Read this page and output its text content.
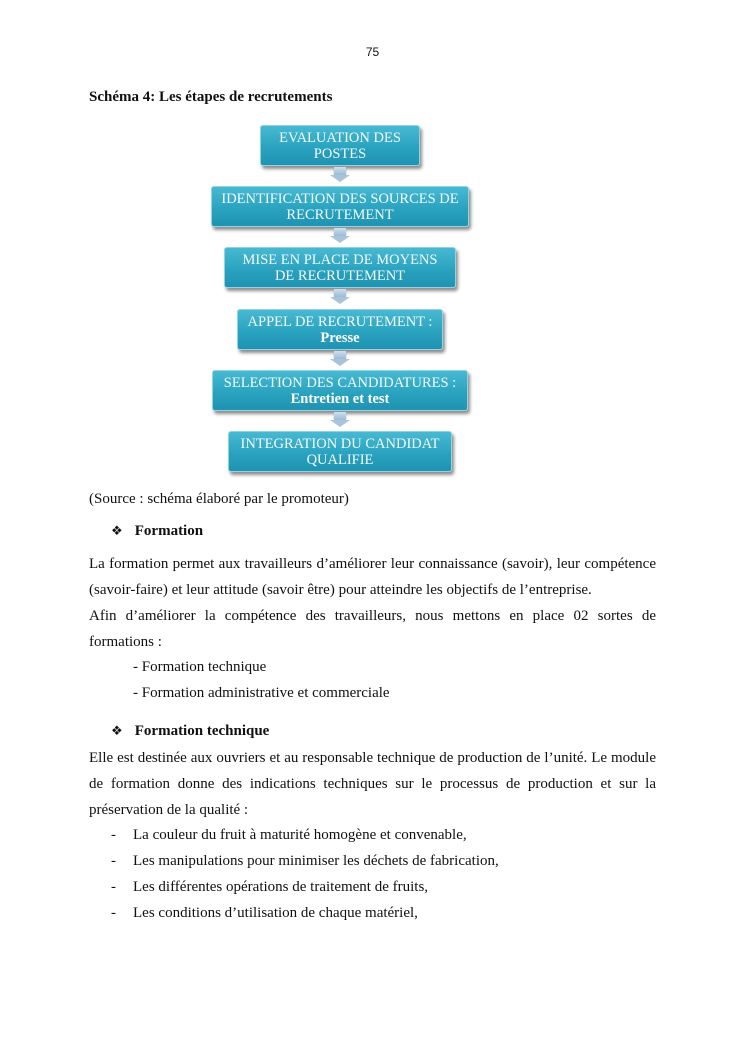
75
Schéma 4: Les étapes de recrutements
EVALUATION DES
POSTES
IDENTIFICATION DES SOURCES DE
RECRUTEMENT
MISE EN PLACE DE MOYENS
DE RECRUTEMENT
APPEL DE RECRUTEMENT :
Presse
SELECTION DES CANDIDATURES :
Entretien et test
INTEGRATION DU CANDIDAT
QUALIFIE
(Source : schéma élaboré par le promoteur)
❖ Formation
La formation permet aux travailleurs d’améliorer leur connaissance (savoir), leur compétence (savoir-faire) et leur attitude (savoir être) pour atteindre les objectifs de l’entreprise.
Afin d’améliorer la compétence des travailleurs, nous mettons en place 02 sortes de formations :
- Formation technique
- Formation administrative et commerciale
❖ Formation technique
Elle est destinée aux ouvriers et au responsable technique de production de l’unité. Le module de formation donne des indications techniques sur le processus de production et sur la préservation de la qualité :
- La couleur du fruit à maturité homogène et convenable,
- Les manipulations pour minimiser les déchets de fabrication,
- Les différentes opérations de traitement de fruits,
- Les conditions d’utilisation de chaque matériel,
